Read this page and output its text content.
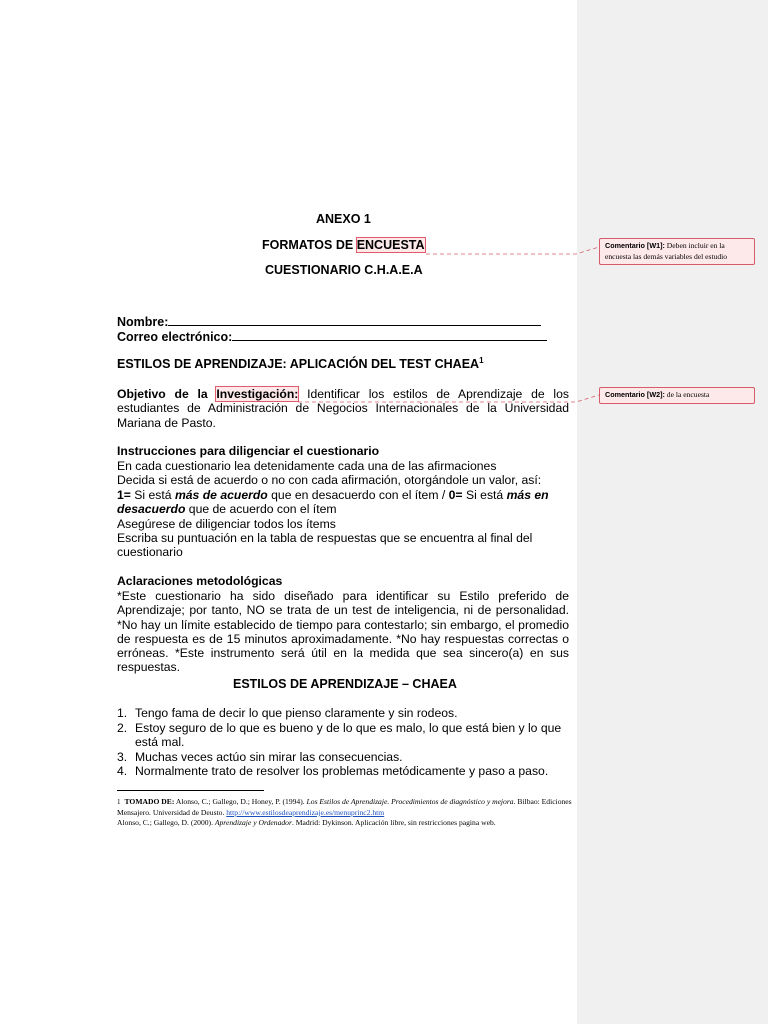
ANEXO 1
FORMATOS DE ENCUESTA
CUESTIONARIO C.H.A.E.A
Nombre:
Correo electrónico:
ESTILOS DE APRENDIZAJE: APLICACIÓN DEL TEST CHAEA$^1$
Objetivo de la Investigación: Identificar los estilos de Aprendizaje de los estudiantes de Administración de Negocios Internacionales de la Universidad Mariana de Pasto.
Instrucciones para diligenciar el cuestionario
En cada cuestionario lea detenidamente cada una de las afirmaciones
Decida si está de acuerdo o no con cada afirmación, otorgándole un valor, así:
1= Si está más de acuerdo que en desacuerdo con el ítem / 0= Si está más en
desacuerdo que de acuerdo con el ítem
Asegúrese de diligenciar todos los ítems
Escriba su puntuación en la tabla de respuestas que se encuentra al final del cuestionario
Aclaraciones metodológicas
*Este cuestionario ha sido diseñado para identificar su Estilo preferido de Aprendizaje; por tanto, NO se trata de un test de inteligencia, ni de personalidad. *No hay un límite establecido de tiempo para contestarlo; sin embargo, el promedio de respuesta es de 15 minutos aproximadamente. *No hay respuestas correctas o erróneas. *Este instrumento será útil en la medida que sea sincero(a) en sus respuestas.
ESTILOS DE APRENDIZAJE – CHAEA
1. Tengo fama de decir lo que pienso claramente y sin rodeos.
2. Estoy seguro de lo que es bueno y de lo que es malo, lo que está bien y lo que está mal.
3. Muchas veces actúo sin mirar las consecuencias.
4. Normalmente trato de resolver los problemas metódicamente y paso a paso.
1 TOMADO DE: Alonso, C.; Gallego, D.; Honey, P. (1994). Los Estilos de Aprendizaje. Procedimientos de diagnóstico y mejora. Bilbao: Ediciones Mensajero. Universidad de Deusto. http://www.estilosdeaprendizaje.es/menuprinc2.htm
Alonso, C.; Gallego, D. (2000). Aprendizaje y Ordenador. Madrid: Dykinson. Aplicación libre, sin restricciones pagina web.
Comentario [W1]: Deben incluir en la encuesta las demás variables del estudio
Comentario [W2]: de la encuesta
